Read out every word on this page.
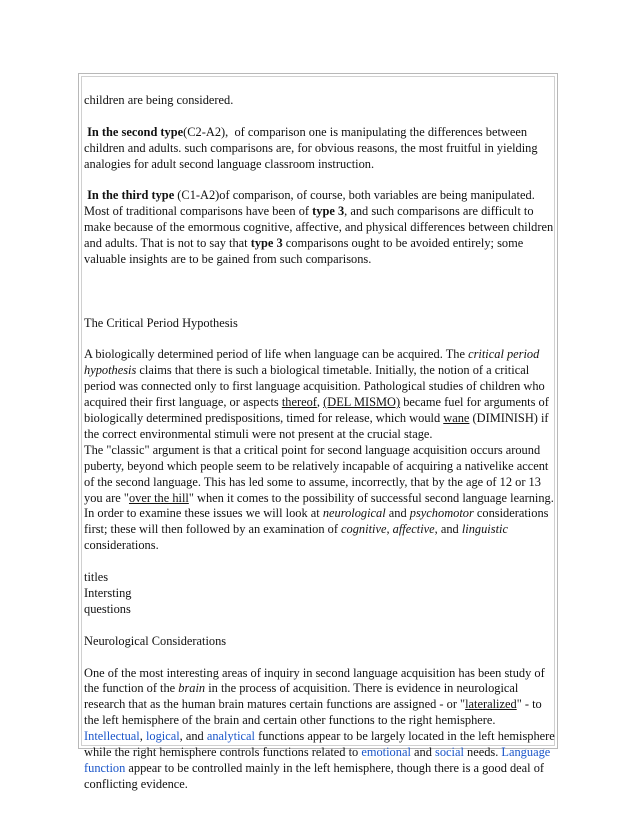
children are being considered.

In the second type(C2-A2),  of comparison one is manipulating the differences between children and adults. such comparisons are, for obvious reasons, the most fruitful in yielding analogies for adult second language classroom instruction.

In the third type (C1-A2)of comparison, of course, both variables are being manipulated. Most of traditional comparisons have been of type 3, and such comparisons are difficult to make because of the emormous cognitive, affective, and physical differences between children and adults. That is not to say that type 3 comparisons ought to be avoided entirely; some valuable insights are to be gained from such comparisons.

The Critical Period Hypothesis

A biologically determined period of life when language can be acquired. The critical period hypothesis claims that there is such a biological timetable. Initially, the notion of a critical period was connected only to first language acquisition. Pathological studies of children who acquired their first language, or aspects thereof, (DEL MISMO) became fuel for arguments of biologically determined predispositions, timed for release, which would wane (DIMINISH) if the correct environmental stimuli were not present at the crucial stage.
The "classic" argument is that a critical point for second language acquisition occurs around puberty, beyond which people seem to be relatively incapable of acquiring a nativelike accent of the second language. This has led some to assume, incorrectly, that by the age of 12 or 13 you are "over the hill" when it comes to the possibility of successful second language learning. In order to examine these issues we will look at neurological and psychomotor considerations first; these will then followed by an examination of cognitive, affective, and linguistic considerations.

titles
Intersting
questions

Neurological Considerations

One of the most interesting areas of inquiry in second language acquisition has been study of the function of the brain in the process of acquisition. There is evidence in neurological research that as the human brain matures certain functions are assigned - or "lateralized" - to the left hemisphere of the brain and certain other functions to the right hemisphere. Intellectual, logical, and analytical functions appear to be largely located in the left hemisphere while the right hemisphere controls functions related to emotional and social needs. Language function appear to be controlled mainly in the left hemisphere, though there is a good deal of conflicting evidence.
